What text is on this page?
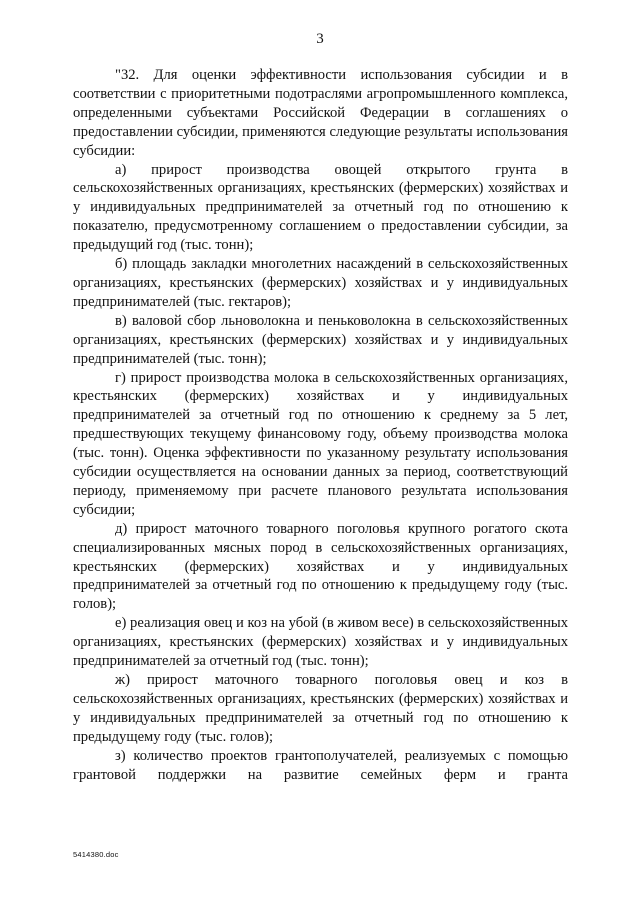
3

"32. Для оценки эффективности использования субсидии и в соответствии с приоритетными подотраслями агропромышленного комплекса, определенными субъектами Российской Федерации в соглашениях о предоставлении субсидии, применяются следующие результаты использования субсидии:

а) прирост производства овощей открытого грунта в сельскохозяйственных организациях, крестьянских (фермерских) хозяйствах и у индивидуальных предпринимателей за отчетный год по отношению к показателю, предусмотренному соглашением о предоставлении субсидии, за предыдущий год (тыс. тонн);

б) площадь закладки многолетних насаждений в сельскохозяйственных организациях, крестьянских (фермерских) хозяйствах и у индивидуальных предпринимателей (тыс. гектаров);

в) валовой сбор льноволокна и пеньковолокна в сельскохозяйственных организациях, крестьянских (фермерских) хозяйствах и у индивидуальных предпринимателей (тыс. тонн);

г) прирост производства молока в сельскохозяйственных организациях, крестьянских (фермерских) хозяйствах и у индивидуальных предпринимателей за отчетный год по отношению к среднему за 5 лет, предшествующих текущему финансовому году, объему производства молока (тыс. тонн). Оценка эффективности по указанному результату использования субсидии осуществляется на основании данных за период, соответствующий периоду, применяемому при расчете планового результата использования субсидии;

д) прирост маточного товарного поголовья крупного рогатого скота специализированных мясных пород в сельскохозяйственных организациях, крестьянских (фермерских) хозяйствах и у индивидуальных предпринимателей за отчетный год по отношению к предыдущему году (тыс. голов);

е) реализация овец и коз на убой (в живом весе) в сельскохозяйственных организациях, крестьянских (фермерских) хозяйствах и у индивидуальных предпринимателей за отчетный год (тыс. тонн);

ж) прирост маточного товарного поголовья овец и коз в сельскохозяйственных организациях, крестьянских (фермерских) хозяйствах и у индивидуальных предпринимателей за отчетный год по отношению к предыдущему году (тыс. голов);

з) количество проектов грантополучателей, реализуемых с помощью грантовой поддержки на развитие семейных ферм и гранта

5414380.doc
